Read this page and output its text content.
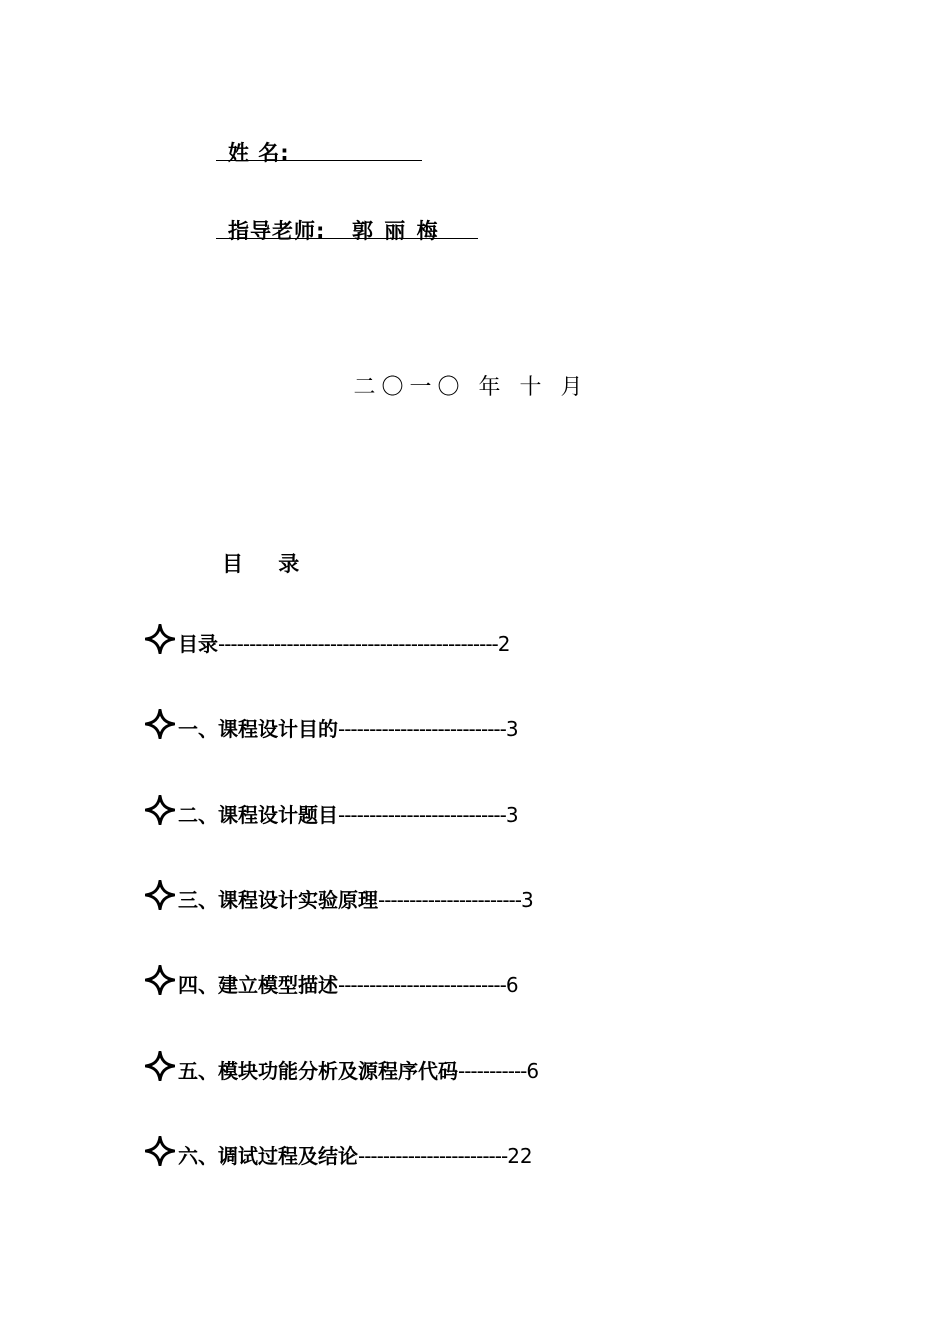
姓 名:
指导老师: 郭 丽 梅
二〇一〇 年 十 月
目 录
目录---------------------------------------------2
一、课程设计目的---------------------------3
二、课程设计题目---------------------------3
三、课程设计实验原理-----------------------3
四、建立模型描述---------------------------6
五、模块功能分析及源程序代码-----------6
六、调试过程及结论------------------------22
